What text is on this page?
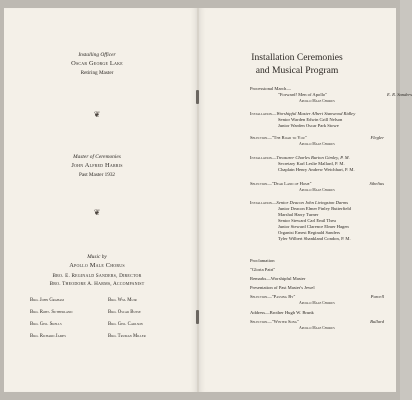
Installing Officer
Oscar George Lake
Retiring Master
❦
Master of Ceremonies
John Alfred Harris
Past Master 1932
❦
Music by
Apollo Male Chorus
Bro. E. Reginald Sanders, Director
Bro. Theodore A. Harms, Accompanist
Bro. John Graham	Bro. Wm. Muir
Bro. Robt. Sutherland	Bro. Oscar Busse
Bro. Geo. Skells	Bro. Geo. Carlson
Bro. Richard James	Bro. Truman Miller
Installation Ceremonies
and Musical Program
Processional March—
"Forward! Men of Apollo"	E. R. Sanders
Apollo Male Chorus
Installation—Worshipful Master Albert Stanwood Ridley
Senior Warden Edwin Grill Nelson
Junior Warden Oscar Park Stowe
Selection—"The Road to You"	Flegler
Apollo Male Chorus
Installation—Treasurer Charles Burton Gimley, P. M.
Secretary Karl Leslie Mallard, P. M.
Chaplain Henry Andrew Weichhart, P. M.
Selection—"Dear Land of Home"	Sibelius
Apollo Male Chorus
Installation—Senior Deacon John Livingston Darms
Junior Deacon Elmer Finley Butterfield
Marshal Harry Turner
Senior Steward Carl Emil Theu
Junior Steward Clarence Elmer Hagen
Organist Ernest Reginald Sanders
Tyler Wilbert Shankland Condon, P. M.
Proclamation
"Gloria Patri"
Remarks—Worshipful Master
Presentation of Past Master's Jewel
Selection—"Passing By"	Purcell
Apollo Male Chorus
Address—Brother Hugh W. Brunk
Selection—"Winter Song"	Bullard
Apollo Male Chorus
